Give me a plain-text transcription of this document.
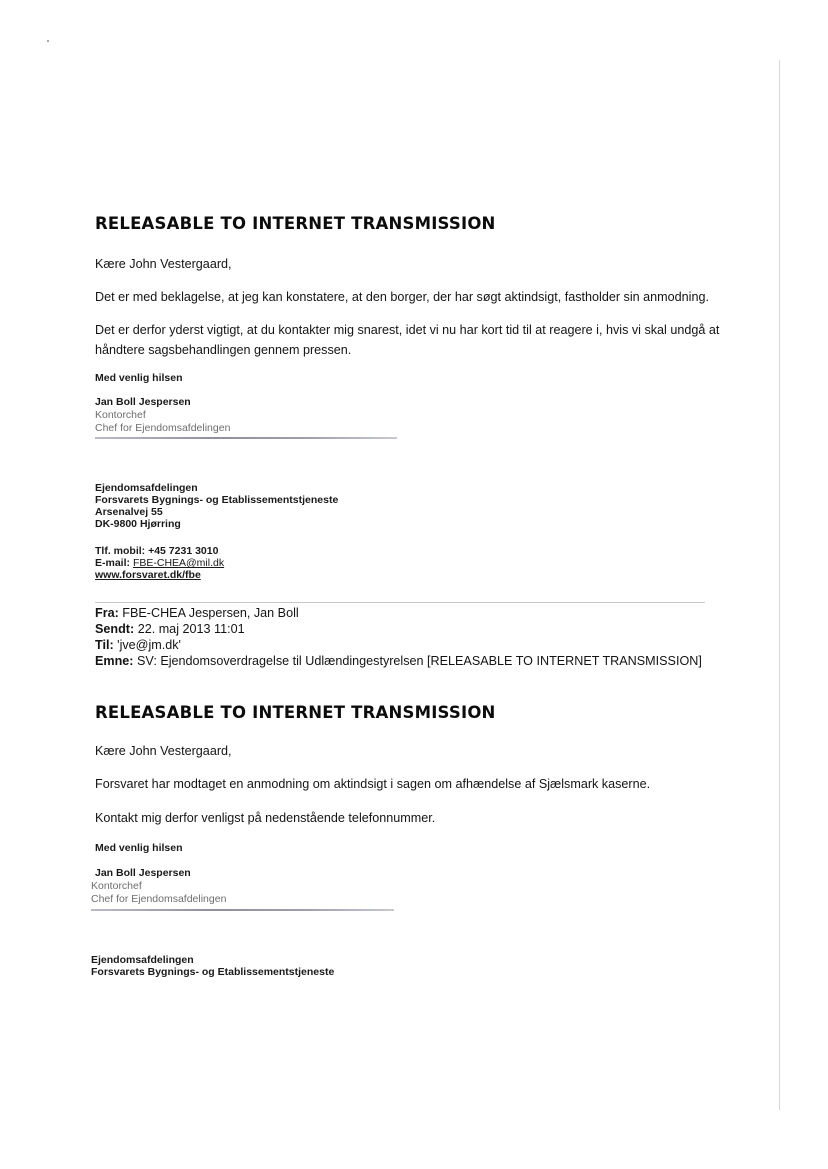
RELEASABLE TO INTERNET TRANSMISSION
Kære John Vestergaard,
Det er med beklagelse, at jeg kan konstatere, at den borger, der har søgt aktindsigt, fastholder sin anmodning.
Det er derfor yderst vigtigt, at du kontakter mig snarest, idet vi nu har kort tid til at reagere i, hvis vi skal undgå at håndtere sagsbehandlingen gennem pressen.
Med venlig hilsen
Jan Boll Jespersen
Kontorchef
Chef for Ejendomsafdelingen
Ejendomsafdelingen
Forsvarets Bygnings- og Etablissementstjeneste
Arsenalvej 55
DK-9800 Hjørring
Tlf. mobil: +45 7231 3010
E-mail: FBE-CHEA@mil.dk
www.forsvaret.dk/fbe
Fra: FBE-CHEA Jespersen, Jan Boll
Sendt: 22. maj 2013 11:01
Til: 'jve@jm.dk'
Emne: SV: Ejendomsoverdragelse til Udlændingestyrelsen [RELEASABLE TO INTERNET TRANSMISSION]
RELEASABLE TO INTERNET TRANSMISSION
Kære John Vestergaard,
Forsvaret har modtaget en anmodning om aktindsigt i sagen om afhændelse af Sjælsmark kaserne.
Kontakt mig derfor venligst på nedenstående telefonnummer.
Med venlig hilsen
Jan Boll Jespersen
Kontorchef
Chef for Ejendomsafdelingen
Ejendomsafdelingen
Forsvarets Bygnings- og Etablissementstjeneste
